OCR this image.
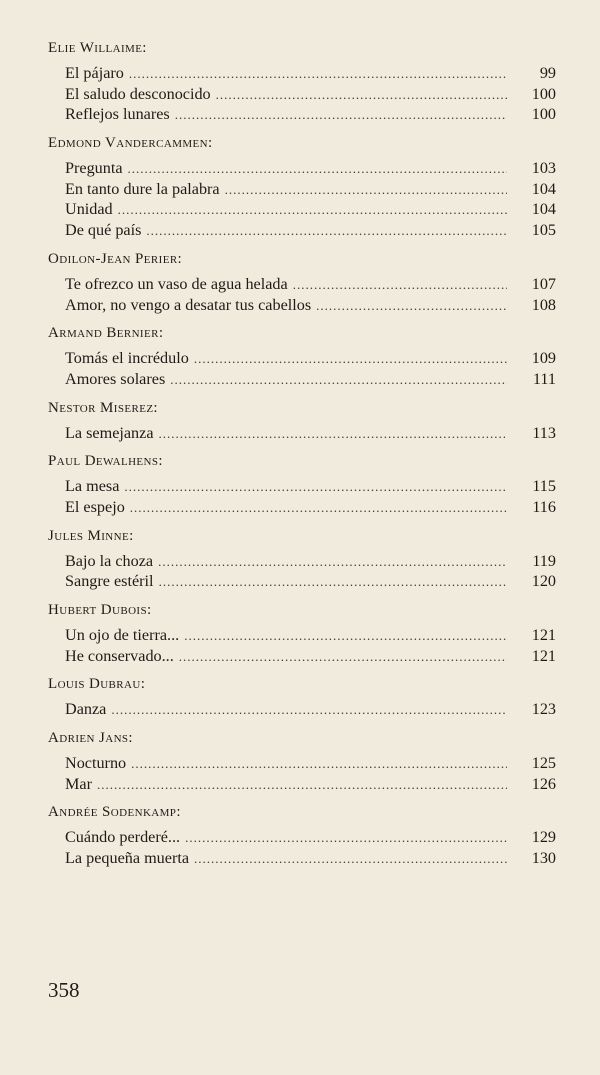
Elie Willaime:
El pájaro .....	99
El saludo desconocido .....	100
Reflejos lunares .....	100
Edmond Vandercammen:
Pregunta .....	103
En tanto dure la palabra .....	104
Unidad .....	104
De qué país .....	105
Odilon-Jean Perier:
Te ofrezco un vaso de agua helada .....	107
Amor, no vengo a desatar tus cabellos .....	108
Armand Bernier:
Tomás el incrédulo .....	109
Amores solares .....	111
Nestor Miserez:
La semejanza .....	113
Paul Dewalhens:
La mesa .....	115
El espejo .....	116
Jules Minne:
Bajo la choza .....	119
Sangre estéril .....	120
Hubert Dubois:
Un ojo de tierra... .....	121
He conservado... .....	121
Louis Dubrau:
Danza .....	123
Adrien Jans:
Nocturno .....	125
Mar .....	126
Andrée Sodenkamp:
Cuándo perderé... .....	129
La pequeña muerta .....	130
358
